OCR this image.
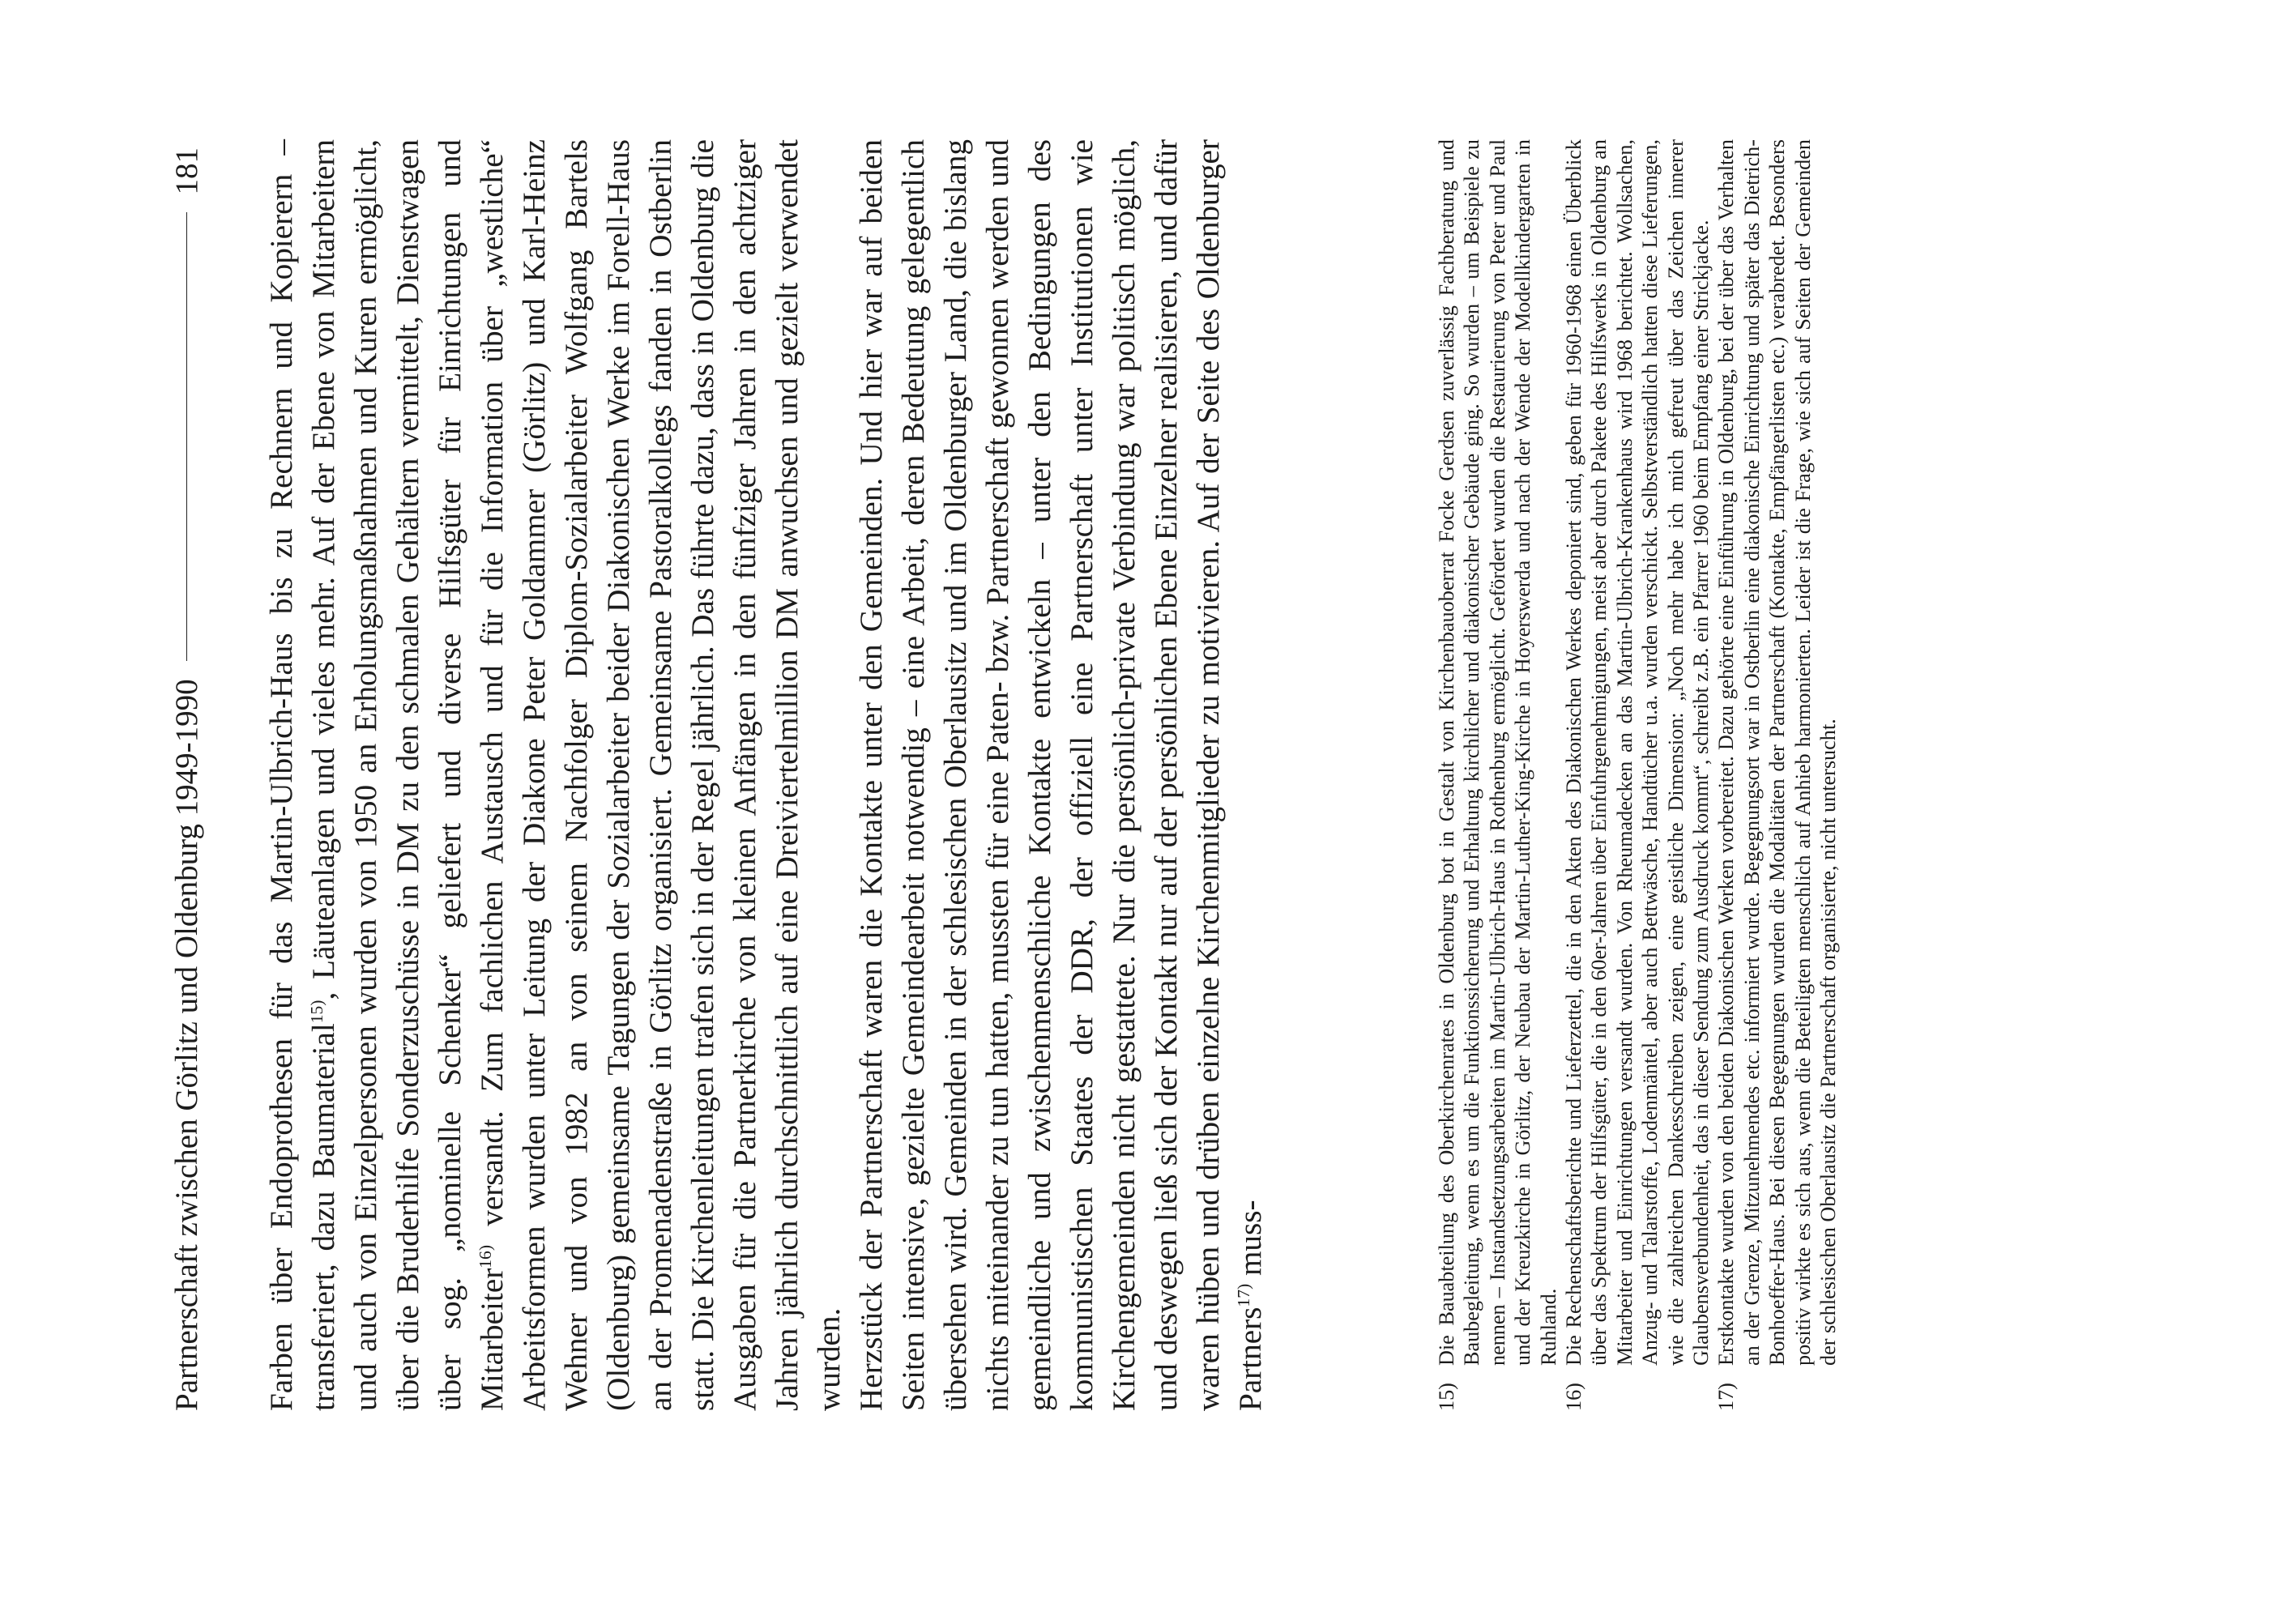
Partnerschaft zwischen Görlitz und Oldenburg 1949-1990
181 Farben über Endoprothesen für das Martin-Ulbrich-Haus bis zu Rechnern und Kopierern – transferiert, dazu Baumaterial$^{15)}$, Läuteanlagen und vieles mehr. Auf der Ebene von Mitarbeitern und auch von Einzelpersonen wurden von 1950 an Erholungsmaßnahmen und Kuren ermöglicht, über die Bruderhilfe Sonderzuschüsse in DM zu den schmalen Gehältern vermittelt, Dienstwagen über sog. „nominelle Schenker“ geliefert und diverse Hilfsgüter für Einrichtungen und Mitarbeiter$^{16)}$ versandt. Zum fachlichen Austausch und für die Information über „westliche“ Arbeitsformen wurden unter Leitung der Diakone Peter Goldammer (Görlitz) und Karl-Heinz Wehner und von 1982 an von seinem Nachfolger Diplom-Sozialarbeiter Wolfgang Bartels (Oldenburg) gemeinsame Tagungen der Sozialarbeiter beider Diakonischen Werke im Forell-Haus an der Promenadenstraße in Görlitz organisiert. Gemeinsame Pastoralkollegs fanden in Ostberlin statt. Die Kirchenleitungen trafen sich in der Regel jährlich. Das führte dazu, dass in Oldenburg die Ausgaben für die Partnerkirche von kleinen Anfängen in den fünfziger Jahren in den achtziger Jahren jährlich durchschnittlich auf eine Dreiviertelmillion DM anwuchsen und gezielt verwendet wurden. Herzstück der Partnerschaft waren die Kontakte unter den Gemeinden. Und hier war auf beiden Seiten intensive, gezielte Gemeindearbeit notwendig – eine Arbeit, deren Bedeutung gelegentlich übersehen wird. Gemeinden in der schlesischen Oberlausitz und im Oldenburger Land, die bislang nichts miteinander zu tun hatten, mussten für eine Paten- bzw. Partnerschaft gewonnen werden und gemeindliche und zwischenmenschliche Kontakte entwickeln – unter den Bedingungen des kommunistischen Staates der DDR, der offiziell eine Partnerschaft unter Institutionen wie Kirchengemeinden nicht gestattete. Nur die persönlich-private Verbindung war politisch möglich, und deswegen ließ sich der Kontakt nur auf der persönlichen Ebene Einzelner realisieren, und dafür waren hüben und drüben einzelne Kirchenmitglieder zu motivieren. Auf der Seite des Oldenburger Partners$^{17)}$ muss-

15)
Die Bauabteilung des Oberkirchenrates in Oldenburg bot in Gestalt von Kirchenbauoberrat Focke Gerdsen zuverlässig Fachberatung und Baubegleitung, wenn es um die Funktionssicherung und Erhaltung kirchlicher und diakonischer Gebäude ging. So wurden – um Beispiele zu nennen – Instandsetzungsarbeiten im Martin-Ulbrich-Haus in Rothenburg ermöglicht. Gefördert wurden die Restaurierung von Peter und Paul und der Kreuzkirche in Görlitz, der Neubau der Martin-Luther-King-Kirche in Hoyerswerda und nach der Wende der Modellkindergarten in Ruhland.
16)
Die Rechenschaftsberichte und Lieferzettel, die in den Akten des Diakonischen Werkes deponiert sind, geben für 1960-1968 einen Überblick über das Spektrum der Hilfsgüter, die in den 60er-Jahren über Einfuhrgenehmigungen, meist aber durch Pakete des Hilfswerks in Oldenburg an Mitarbeiter und Einrichtungen versandt wurden. Von Rheumadecken an das Martin-Ulbrich-Krankenhaus wird 1968 berichtet. Wollsachen, Anzug- und Talarstoffe, Lodenmäntel, aber auch Bettwäsche, Handtücher u.a. wurden verschickt. Selbstverständlich hatten diese Lieferungen, wie die zahlreichen Dankesschreiben zeigen, eine geistliche Dimension: „Noch mehr habe ich mich gefreut über das Zeichen innerer Glaubensverbundenheit, das in dieser Sendung zum Ausdruck kommt“, schreibt z.B. ein Pfarrer 1960 beim Empfang einer Strickjacke.
17)
Erstkontakte wurden von den beiden Diakonischen Werken vorbereitet. Dazu gehörte eine Einführung in Oldenburg, bei der über das Verhalten an der Grenze, Mitzunehmendes etc. informiert wurde. Begegnungsort war in Ostberlin eine diakonische Einrichtung und später das Dietrich-Bonhoeffer-Haus. Bei diesen Begegnungen wurden die Modalitäten der Partnerschaft (Kontakte, Empfängerlisten etc.) verabredet. Besonders positiv wirkte es sich aus, wenn die Beteiligten menschlich auf Anhieb harmonierten. Leider ist die Frage, wie sich auf Seiten der Gemeinden der schlesischen Oberlausitz die Partnerschaft organisierte, nicht untersucht.
